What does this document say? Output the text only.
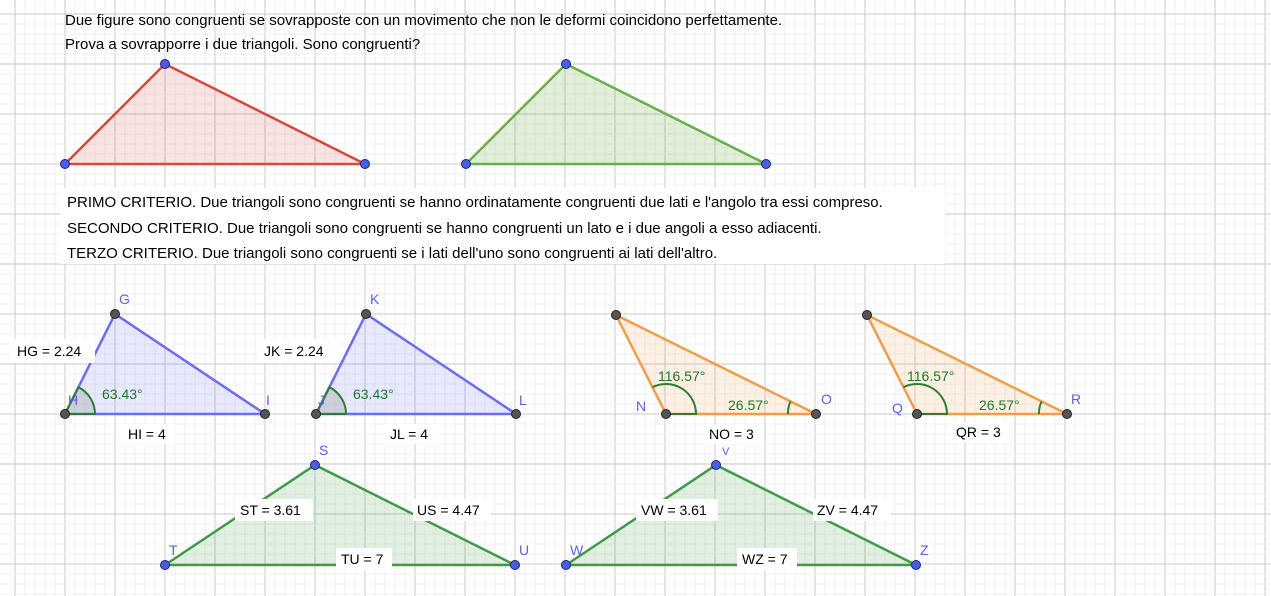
Due figure sono congruenti se sovrapposte con un movimento che non le deformi coincidono perfettamente.
Prova a sovrapporre i due triangoli. Sono congruenti?
PRIMO CRITERIO. Due triangoli sono congruenti se hanno ordinatamente congruenti due lati e l'angolo tra essi compreso.
SECONDO CRITERIO. Due triangoli sono congruenti se hanno congruenti un lato e i due angoli a esso adiacenti.
TERZO CRITERIO. Due triangoli sono congruenti se i lati dell'uno sono congruenti ai lati dell'altro.
H
G
I
63.43°
HG = 2.24
HI = 4
J
K
L
63.43°
JK = 2.24
JL = 4
N	O
116.57°
26.57°
NO = 3
Q
R
116.57°
26.57°
QR = 3
T
S
U
ST = 3.61	US = 4.47
TU = 7
W
V
Z
VW = 3.61	ZV = 4.47
WZ = 7
